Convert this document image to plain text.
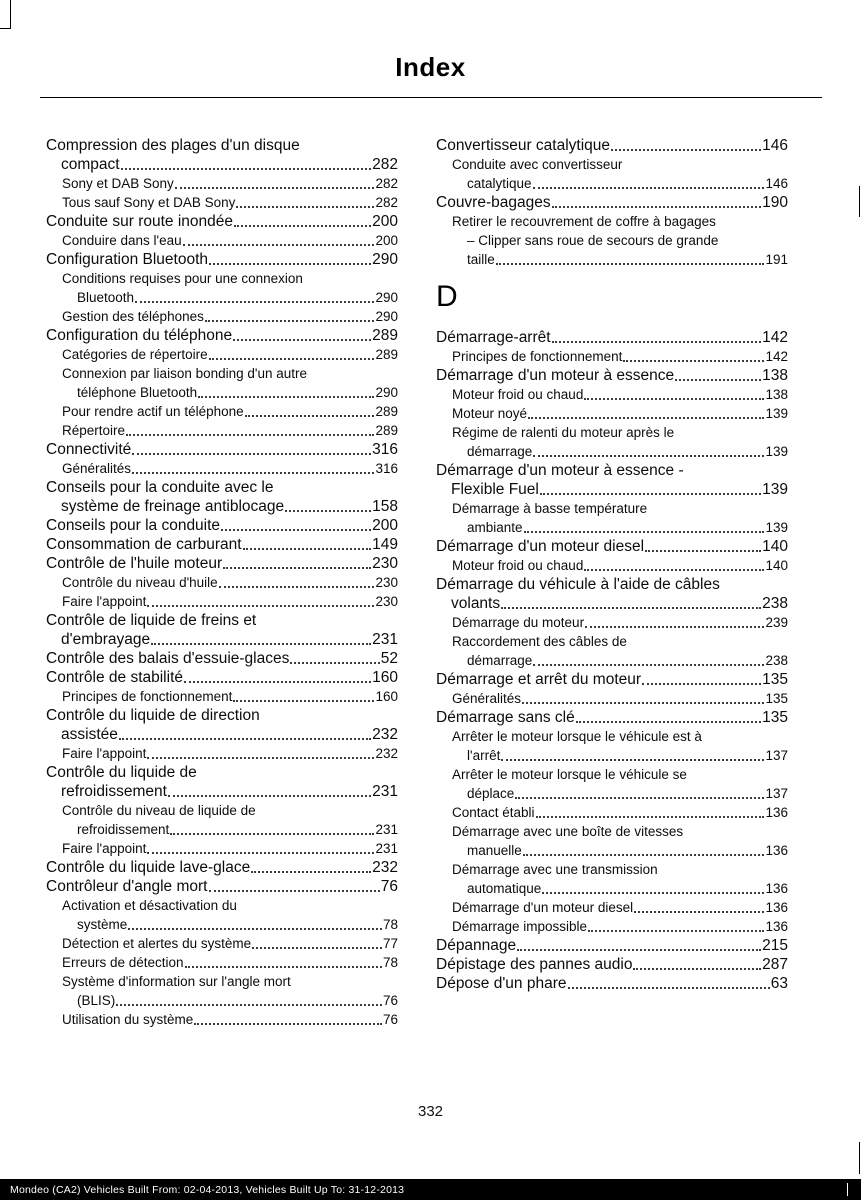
Index
Compression des plages d'un disque
compact	282
Sony et DAB Sony	282
Tous sauf Sony et DAB Sony	282
Conduite sur route inondée	200
Conduire dans l'eau	200
Configuration Bluetooth	290
Conditions requises pour une connexion
Bluetooth	290
Gestion des téléphones	290
Configuration du téléphone	289
Catégories de répertoire	289
Connexion par liaison bonding d'un autre
téléphone Bluetooth	290
Pour rendre actif un téléphone	289
Répertoire	289
Connectivité	316
Généralités	316
Conseils pour la conduite avec le
système de freinage antiblocage	158
Conseils pour la conduite	200
Consommation de carburant	149
Contrôle de l'huile moteur	230
Contrôle du niveau d'huile	230
Faire l'appoint	230
Contrôle de liquide de freins et
d'embrayage	231
Contrôle des balais d'essuie-glaces	52
Contrôle de stabilité	160
Principes de fonctionnement	160
Contrôle du liquide de direction
assistée	232
Faire l'appoint	232
Contrôle du liquide de
refroidissement	231
Contrôle du niveau de liquide de
refroidissement	231
Faire l'appoint	231
Contrôle du liquide lave-glace	232
Contrôleur d'angle mort	76
Activation et désactivation du
système	78
Détection et alertes du système	77
Erreurs de détection	78
Système d'information sur l'angle mort
(BLIS)	76
Utilisation du système	76
Convertisseur catalytique	146
Conduite avec convertisseur
catalytique	146
Couvre-bagages	190
Retirer le recouvrement de coffre à bagages
– Clipper sans roue de secours de grande
taille	191
D
Démarrage-arrêt	142
Principes de fonctionnement	142
Démarrage d'un moteur à essence	138
Moteur froid ou chaud	138
Moteur noyé	139
Régime de ralenti du moteur après le
démarrage	139
Démarrage d'un moteur à essence -
Flexible Fuel	139
Démarrage à basse température
ambiante	139
Démarrage d'un moteur diesel	140
Moteur froid ou chaud	140
Démarrage du véhicule à l'aide de câbles
volants	238
Démarrage du moteur	239
Raccordement des câbles de
démarrage	238
Démarrage et arrêt du moteur	135
Généralités	135
Démarrage sans clé	135
Arrêter le moteur lorsque le véhicule est à
l'arrêt	137
Arrêter le moteur lorsque le véhicule se
déplace	137
Contact établi	136
Démarrage avec une boîte de vitesses
manuelle	136
Démarrage avec une transmission
automatique	136
Démarrage d'un moteur diesel	136
Démarrage impossible	136
Dépannage	215
Dépistage des pannes audio	287
Dépose d'un phare	63
332
Mondeo (CA2) Vehicles Built From: 02-04-2013, Vehicles Built Up To: 31-12-2013
